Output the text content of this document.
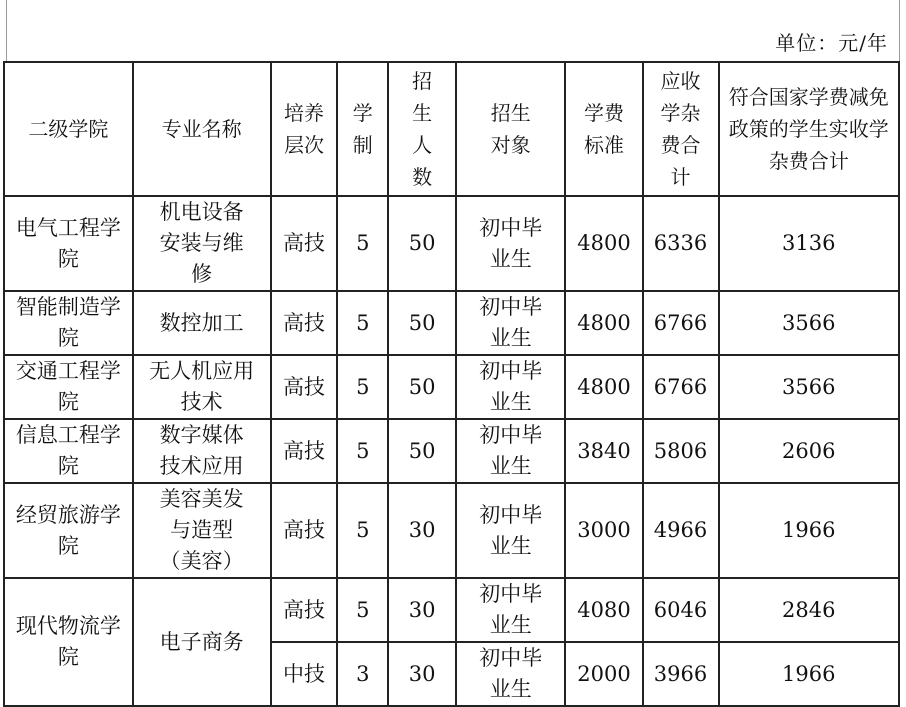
单位：元/年
二级学院	专业名称	培养层次	学制	招生人数	招生对象	学费标准	应收学杂费合计	符合国家学费减免政策的学生实收学杂费合计

电气工程学院	机电设备安装与维修	高技	5	50	初中毕业生	4800	6336	3136

智能制造学院	数控加工	高技	5	50	初中毕业生	4800	6766	3566

交通工程学院	无人机应用技术	高技	5	50	初中毕业生	4800	6766	3566

信息工程学院	数字媒体技术应用	高技	5	50	初中毕业生	3840	5806	2606

经贸旅游学院	美容美发与造型（美容）	高技	5	30	初中毕业生	3000	4966	1966

现代物流学院	电子商务	高技	5	30	初中毕业生	4080	6046	2846
		中技	3	30	初中毕业生	2000	3966	1966
